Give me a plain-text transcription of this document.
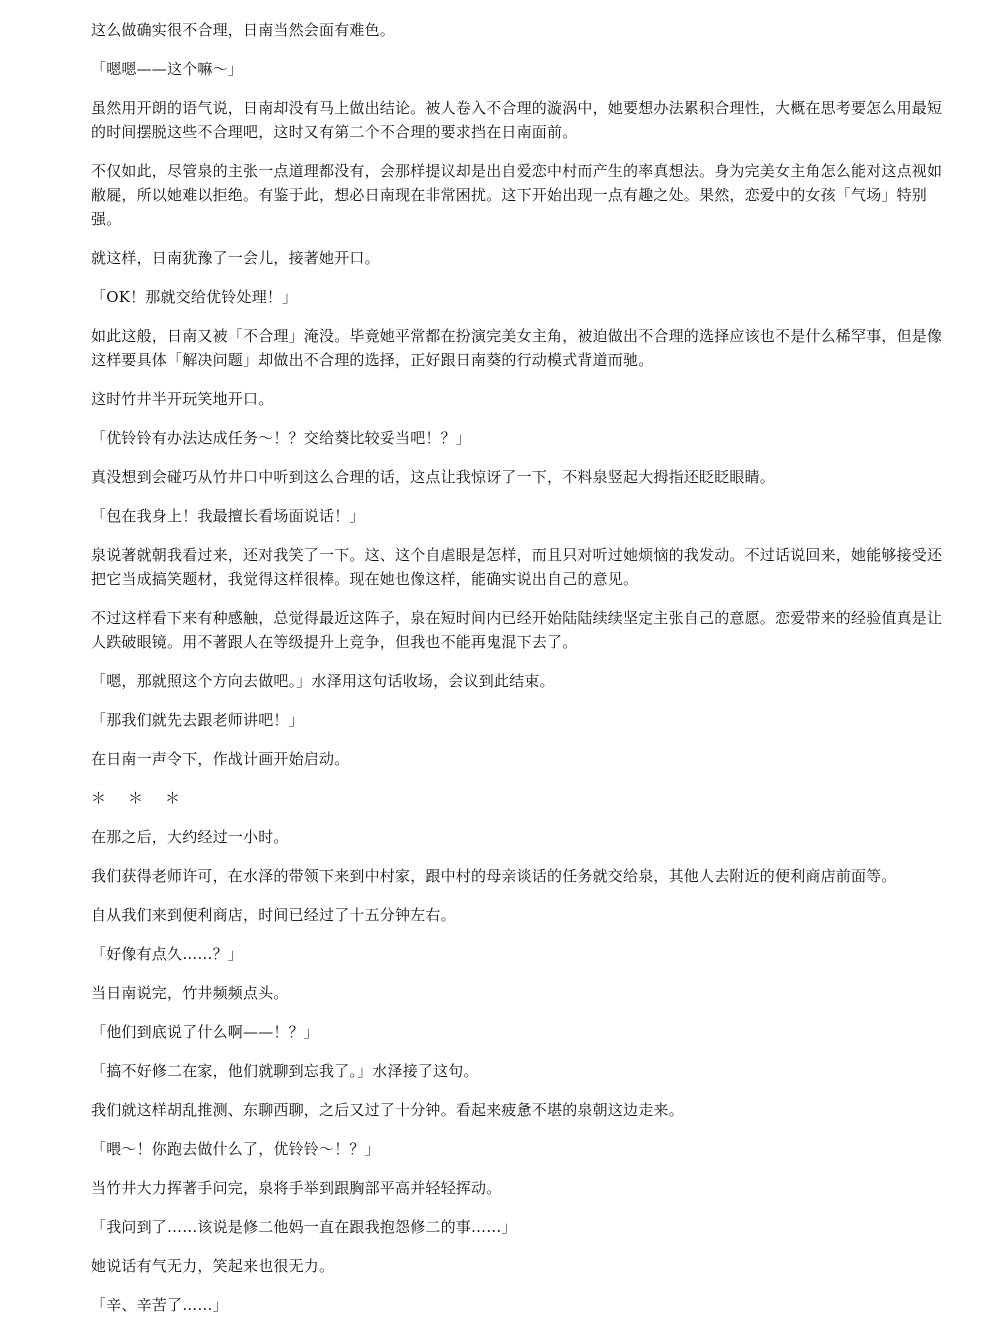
这么做确实很不合理，日南当然会面有难色。

「嗯嗯——这个嘛～」

虽然用开朗的语气说，日南却没有马上做出结论。被人卷入不合理的漩涡中，她要想办法累积合理性，大概在思考要怎么用最短的时间摆脱这些不合理吧，这时又有第二个不合理的要求挡在日南面前。

不仅如此，尽管泉的主张一点道理都没有，会那样提议却是出自爱恋中村而产生的率真想法。身为完美女主角怎么能对这点视如敝屣，所以她难以拒绝。有鉴于此，想必日南现在非常困扰。这下开始出现一点有趣之处。果然，恋爱中的女孩「气场」特别强。

就这样，日南犹豫了一会儿，接著她开口。

「OK！那就交给优铃处理！」

如此这般，日南又被「不合理」淹没。毕竟她平常都在扮演完美女主角，被迫做出不合理的选择应该也不是什么稀罕事，但是像这样要具体「解决问题」却做出不合理的选择，正好跟日南葵的行动模式背道而驰。

这时竹井半开玩笑地开口。

「优铃铃有办法达成任务～！？交给葵比较妥当吧！？」

真没想到会碰巧从竹井口中听到这么合理的话，这点让我惊讶了一下，不料泉竖起大拇指还眨眨眼睛。

「包在我身上！我最擅长看场面说话！」

泉说著就朝我看过来，还对我笑了一下。这、这个自虐眼是怎样，而且只对听过她烦恼的我发动。不过话说回来，她能够接受还把它当成搞笑题材，我觉得这样很棒。现在她也像这样，能确实说出自己的意见。

不过这样看下来有种感触，总觉得最近这阵子，泉在短时间内已经开始陆陆续续坚定主张自己的意愿。恋爱带来的经验值真是让人跌破眼镜。用不著跟人在等级提升上竞争，但我也不能再鬼混下去了。

「嗯，那就照这个方向去做吧。」水泽用这句话收场，会议到此结束。

「那我们就先去跟老师讲吧！」

在日南一声令下，作战计画开始启动。

＊＊＊

在那之后，大约经过一小时。

我们获得老师许可，在水泽的带领下来到中村家，跟中村的母亲谈话的任务就交给泉，其他人去附近的便利商店前面等。

自从我们来到便利商店，时间已经过了十五分钟左右。

「好像有点久……？」

当日南说完，竹井频频点头。

「他们到底说了什么啊——！？」

「搞不好修二在家，他们就聊到忘我了。」水泽接了这句。

我们就这样胡乱推测、东聊西聊，之后又过了十分钟。看起来疲惫不堪的泉朝这边走来。

「喂～！你跑去做什么了，优铃铃～！？」

当竹井大力挥著手问完，泉将手举到跟胸部平高并轻轻挥动。

「我问到了……该说是修二他妈一直在跟我抱怨修二的事……」

她说话有气无力，笑起来也很无力。

「辛、辛苦了……」
